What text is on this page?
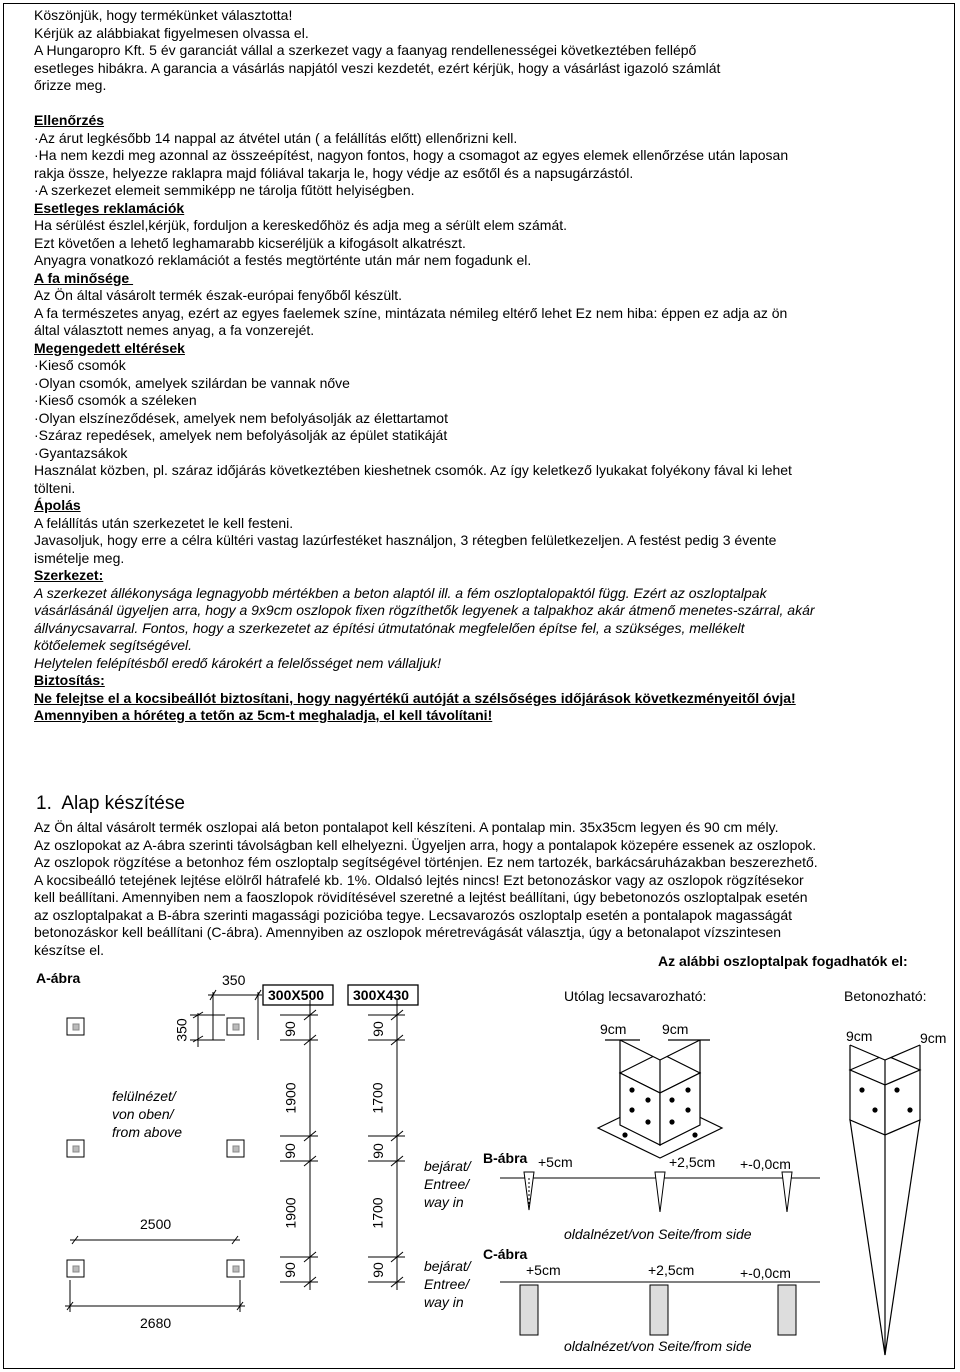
Köszönjük, hogy termékünket választotta!
Kérjük az alábbiakat figyelmesen olvassa el.
A Hungaropro Kft. 5 év garanciát vállal a szerkezet vagy a faanyag rendellenességei következtében fellépő
esetleges hibákra. A garancia a vásárlás napjától veszi kezdetét, ezért kérjük, hogy a vásárlást igazoló számlát
őrizze meg.
Ellenőrzés
·Az árut legkésőbb 14 nappal az átvétel után ( a felállítás előtt) ellenőrizni kell.
·Ha nem kezdi meg azonnal az összeépítést, nagyon fontos, hogy a csomagot az egyes elemek ellenőrzése után laposan
rakja össze, helyezze raklapra majd fóliával takarja le, hogy védje az esőtől és a napsugárzástól.
·A szerkezet elemeit semmiképp ne tárolja fűtött helyiségben.
Esetleges reklamációk
Ha sérülést észlel,kérjük, forduljon a kereskedőhöz és adja meg a sérült elem számát.
Ezt követően a lehető leghamarabb kicseréljük a kifogásolt alkatrészt.
Anyagra vonatkozó reklamációt a festés megtörténte után már nem fogadunk el.
A fa minősége
Az Ön által vásárolt termék észak-európai fenyőből készült.
A fa természetes anyag, ezért az egyes faelemek színe, mintázata némileg eltérő lehet Ez nem hiba: éppen ez adja az ön
által választott nemes anyag, a fa vonzerejét.
Megengedett eltérések
·Kieső csomók
·Olyan csomók, amelyek szilárdan be vannak nőve
·Kieső csomók a széleken
·Olyan elszíneződések, amelyek nem befolyásolják az élettartamot
·Száraz repedések, amelyek nem befolyásolják az épület statikáját
·Gyantazsákok
Használat közben, pl. száraz időjárás következtében kieshetnek csomók. Az így keletkező lyukakat folyékony fával ki lehet
tölteni.
Ápolás
A felállítás után szerkezetet le kell festeni.
Javasoljuk, hogy erre a célra kültéri vastag lazúrfestéket használjon, 3 rétegben felületkezeljen. A festést pedig 3 évente
ismételje meg.
Szerkezet:
A szerkezet állékonysága legnagyobb mértékben a beton alaptól ill. a fém oszloptalopaktól függ. Ezért az oszloptalpak
vásárlásánál ügyeljen arra, hogy a 9x9cm oszlopok fixen rögzíthetők legyenek a talpakhoz akár átmenő menetes-szárral, akár
állványcsavarral. Fontos, hogy a szerkezetet az építési útmutatónak megfelelően építse fel, a szükséges, mellékelt
kötőelemek segítségével.
Helytelen felépítésből eredő károkért a felelősséget nem vállaljuk!
Biztosítás:
Ne felejtse el a kocsibeállót biztosítani, hogy nagyértékű autóját a szélsőséges időjárások következményeitől óvja!
Amennyiben a hóréteg a tetőn az 5cm-t meghaladja, el kell távolítani!
1.  Alap készítése
Az Ön által vásárolt termék oszlopai alá beton pontalapot kell készíteni. A pontalap min. 35x35cm legyen és 90 cm mély.
Az oszlopokat az A-ábra szerinti távolságban kell elhelyezni. Ügyeljen arra, hogy a pontalapok közepére essenek az oszlopok.
Az oszlopok rögzítése a betonhoz fém oszloptalp segítségével történjen. Ez nem tartozék, barkácsáruházakban beszerezhető.
A kocsibeálló tetejének lejtése elölről hátrafelé kb. 1%. Oldalsó lejtés nincs! Ezt betonozáskor vagy az oszlopok rögzítésekor
kell beállítani. Amennyiben nem a faoszlopok rövidítésével szeretné a lejtést beállítani, úgy bebetonozós oszloptalpak esetén
az oszloptalpakat a B-ábra szerinti magassági pozicióba tegye. Lecsavarozós oszloptalp esetén a pontalapok magasságát
betonozáskor kell beállítani (C-ábra). Amennyiben az oszlopok méretrevágását választja, úgy a betonalapot vízszintesen
készítse el.
A-ábra	350
350
300X500 300X430
90	90
1900	1700
90	90
1900	1700
90	90
felülnézet/
von oben/
from above
2500
2680
bejárat/
Entree/
way in
bejárat/
Entree/
way in
B-ábra +5cm	+2,5cm +-0,0cm
oldalnézet/von Seite/from side
C-ábra
+5cm	+2,5cm	+-0,0cm
oldalnézet/von Seite/from side
Az alábbi oszloptalpak fogadhatók el:
Utólag lecsavarozható:	Betonozható:
9cm	9cm	9cm	9cm
